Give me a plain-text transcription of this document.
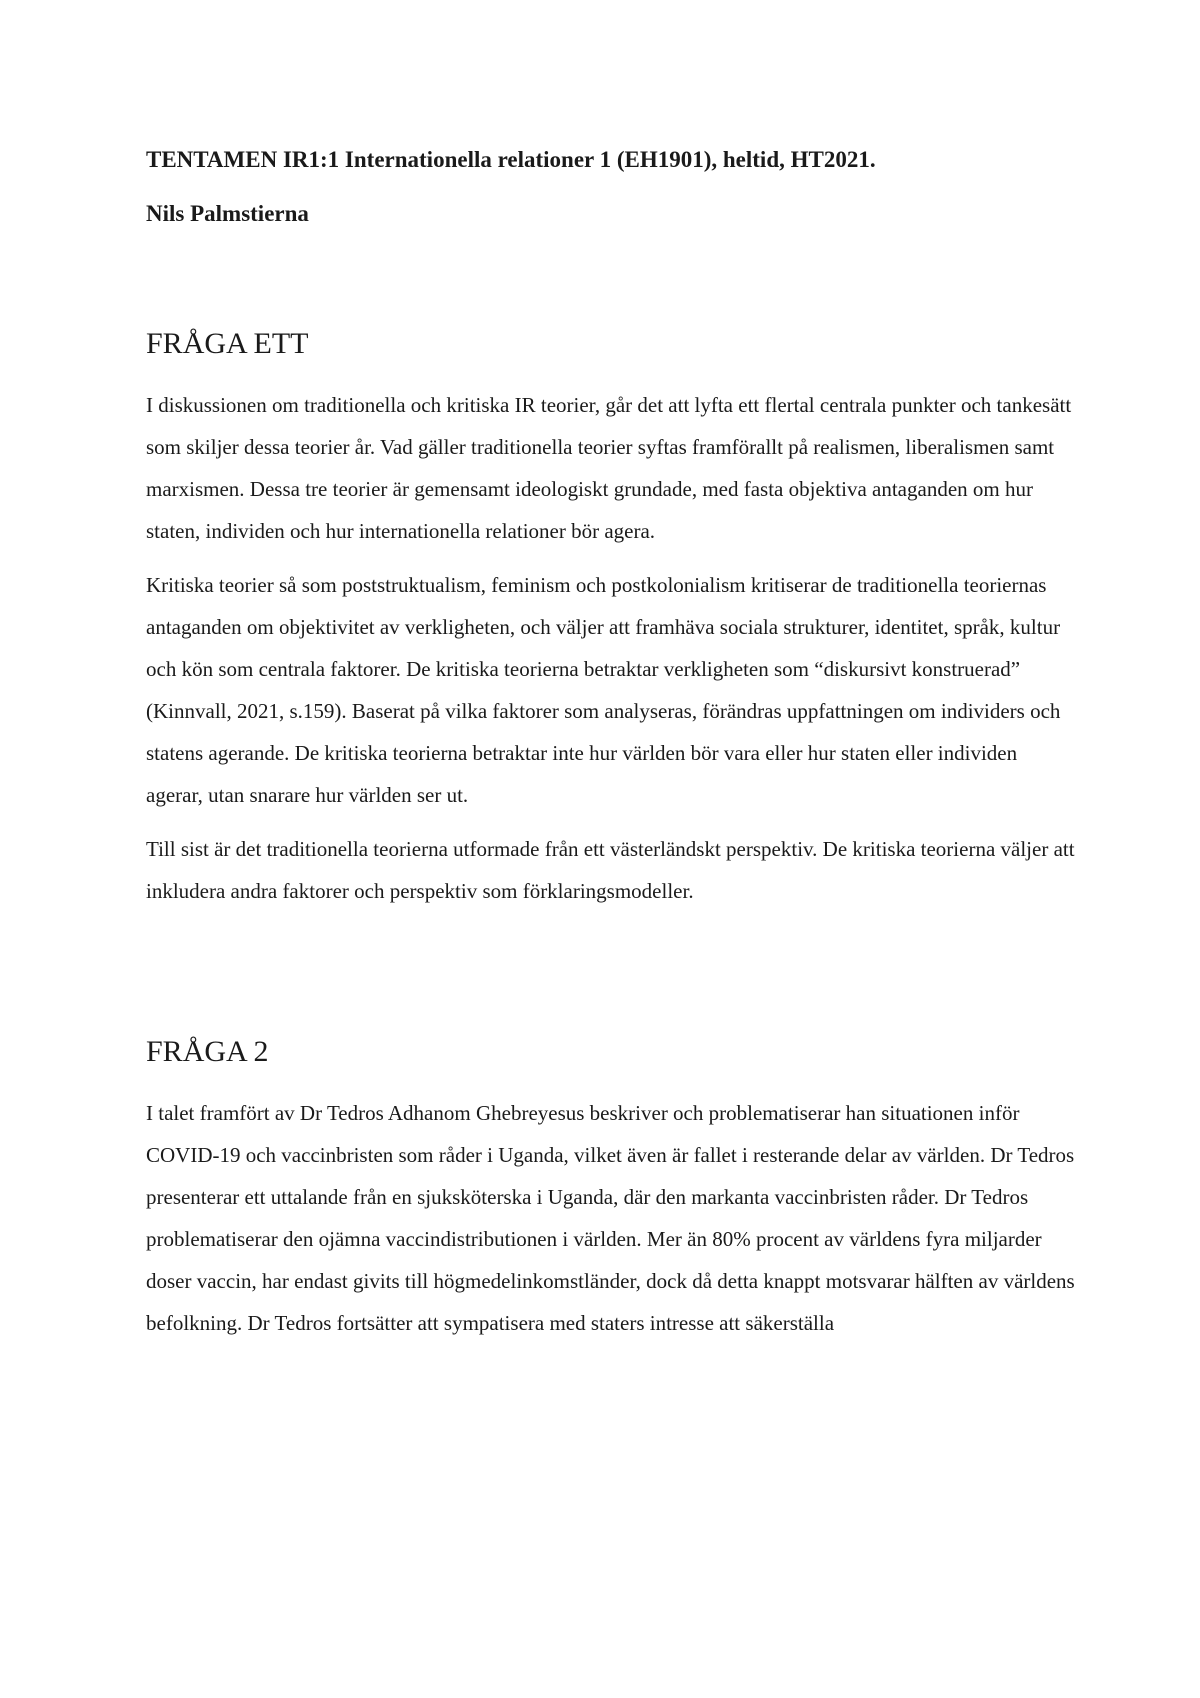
TENTAMEN IR1:1 Internationella relationer 1 (EH1901), heltid, HT2021.

Nils Palmstierna

FRÅGA ETT

I diskussionen om traditionella och kritiska IR teorier, går det att lyfta ett flertal centrala punkter och tankesätt som skiljer dessa teorier år. Vad gäller traditionella teorier syftas framförallt på realismen, liberalismen samt marxismen. Dessa tre teorier är gemensamt ideologiskt grundade, med fasta objektiva antaganden om hur staten, individen och hur internationella relationer bör agera.

Kritiska teorier så som poststruktualism, feminism och postkolonialism kritiserar de traditionella teoriernas antaganden om objektivitet av verkligheten, och väljer att framhäva sociala strukturer, identitet, språk, kultur och kön som centrala faktorer. De kritiska teorierna betraktar verkligheten som “diskursivt konstruerad” (Kinnvall, 2021, s.159). Baserat på vilka faktorer som analyseras, förändras uppfattningen om individers och statens agerande. De kritiska teorierna betraktar inte hur världen bör vara eller hur staten eller individen agerar, utan snarare hur världen ser ut.

Till sist är det traditionella teorierna utformade från ett västerländskt perspektiv. De kritiska teorierna väljer att inkludera andra faktorer och perspektiv som förklaringsmodeller.

FRÅGA 2

I talet framfört av Dr Tedros Adhanom Ghebreyesus beskriver och problematiserar han situationen inför COVID-19 och vaccinbristen som råder i Uganda, vilket även är fallet i resterande delar av världen. Dr Tedros presenterar ett uttalande från en sjuksköterska i Uganda, där den markanta vaccinbristen råder. Dr Tedros problematiserar den ojämna vaccindistributionen i världen. Mer än 80% procent av världens fyra miljarder doser vaccin, har endast givits till högmedelinkomstländer, dock då detta knappt motsvarar hälften av världens befolkning. Dr Tedros fortsätter att sympatisera med staters intresse att säkerställa
